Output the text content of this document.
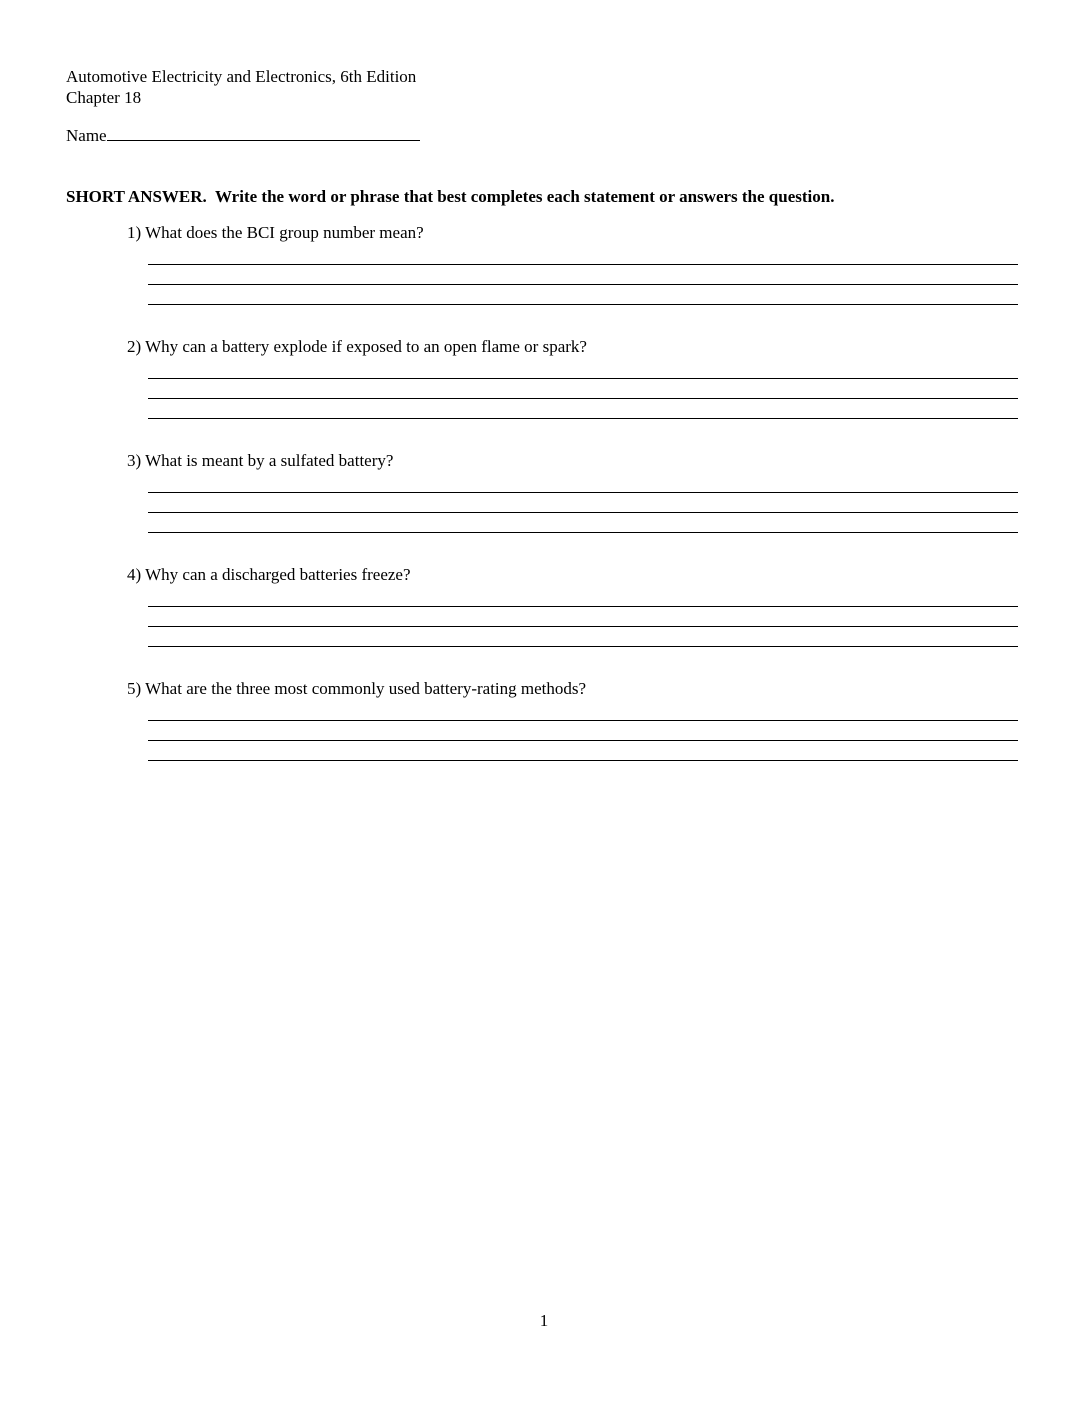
Automotive Electricity and Electronics, 6th Edition
Chapter 18
Name
SHORT ANSWER.  Write the word or phrase that best completes each statement or answers the question.
1) What does the BCI group number mean?
2) Why can a battery explode if exposed to an open flame or spark?
3) What is meant by a sulfated battery?
4) Why can a discharged batteries freeze?
5) What are the three most commonly used battery-rating methods?
1
